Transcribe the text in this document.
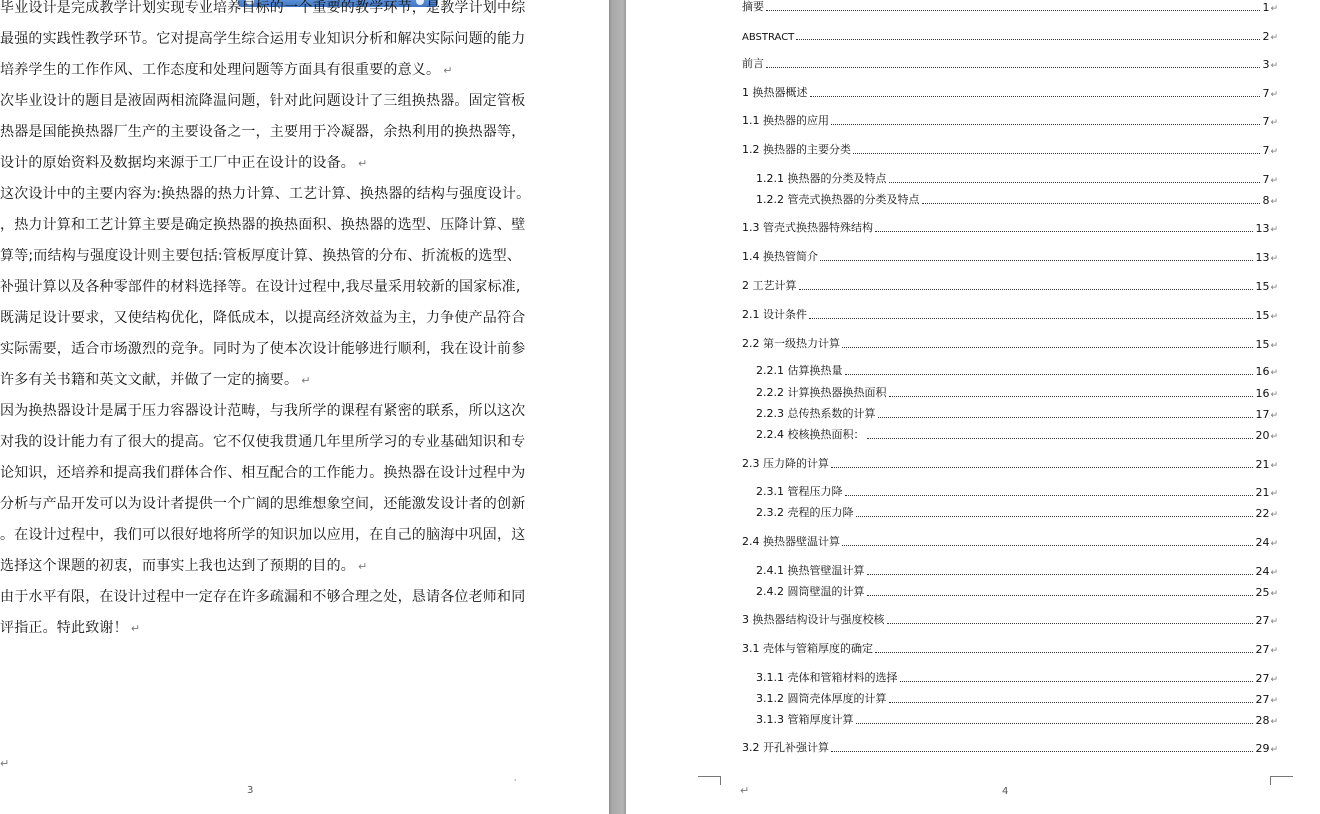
毕业设计是完成教学计划实现专业培养目标的一个重要的教学环节，是教学计划中综
最强的实践性教学环节。它对提高学生综合运用专业知识分析和解决实际问题的能力
培养学生的工作作风、工作态度和处理问题等方面具有很重要的意义。 ↵
次毕业设计的题目是液固两相流降温问题，针对此问题设计了三组换热器。固定管板
热器是国能换热器厂生产的主要设备之一，主要用于冷凝器，余热利用的换热器等，
设计的原始资料及数据均来源于工厂中正在设计的设备。 ↵
这次设计中的主要内容为:换热器的热力计算、工艺计算、换热器的结构与强度设计。
，热力计算和工艺计算主要是确定换热器的换热面积、换热器的选型、压降计算、壁
算等;而结构与强度设计则主要包括:管板厚度计算、换热管的分布、折流板的选型、
补强计算以及各种零部件的材料选择等。在设计过程中,我尽量采用较新的国家标准,
既满足设计要求，又使结构优化，降低成本，以提高经济效益为主，力争使产品符合
实际需要，适合市场激烈的竞争。同时为了使本次设计能够进行顺利，我在设计前参
许多有关书籍和英文文献，并做了一定的摘要。 ↵
因为换热器设计是属于压力容器设计范畴，与我所学的课程有紧密的联系，所以这次
对我的设计能力有了很大的提高。它不仅使我贯通几年里所学习的专业基础知识和专
论知识，还培养和提高我们群体合作、相互配合的工作能力。换热器在设计过程中为
分析与产品开发可以为设计者提供一个广阔的思维想象空间，还能激发设计者的创新
。在设计过程中，我们可以很好地将所学的知识加以应用，在自己的脑海中巩固，这
选择这个课题的初衷，而事实上我也达到了预期的目的。 ↵
由于水平有限，在设计过程中一定存在许多疏漏和不够合理之处，恳请各位老师和同
评指正。特此致谢！ ↵
↵
3
'
摘要	1 ↵
ABSTRACT	2 ↵
前言	3 ↵
1 换热器概述	7 ↵
1.1 换热器的应用	7 ↵
1.2 换热器的主要分类	7 ↵
1.2.1 换热器的分类及特点	7 ↵
1.2.2 管壳式换热器的分类及特点	8 ↵
1.3 管壳式换热器特殊结构	13 ↵
1.4 换热管简介	13 ↵
2 工艺计算	15 ↵
2.1 设计条件	15 ↵
2.2 第一级热力计算	15 ↵
2.2.1 估算换热量	16 ↵
2.2.2 计算换热器换热面积	16 ↵
2.2.3 总传热系数的计算	17 ↵
2.2.4 校核换热面积：	20 ↵
2.3 压力降的计算	21 ↵
2.3.1 管程压力降	21 ↵
2.3.2 壳程的压力降	22 ↵
2.4 换热器壁温计算	24 ↵
2.4.1 换热管壁温计算	24 ↵
2.4.2 圆筒壁温的计算	25 ↵
3 换热器结构设计与强度校核	27 ↵
3.1 壳体与管箱厚度的确定	27 ↵
3.1.1 壳体和管箱材料的选择	27 ↵
3.1.2 圆筒壳体厚度的计算	27 ↵
3.1.3 管箱厚度计算	28 ↵
3.2 开孔补强计算	29 ↵
↵	4
